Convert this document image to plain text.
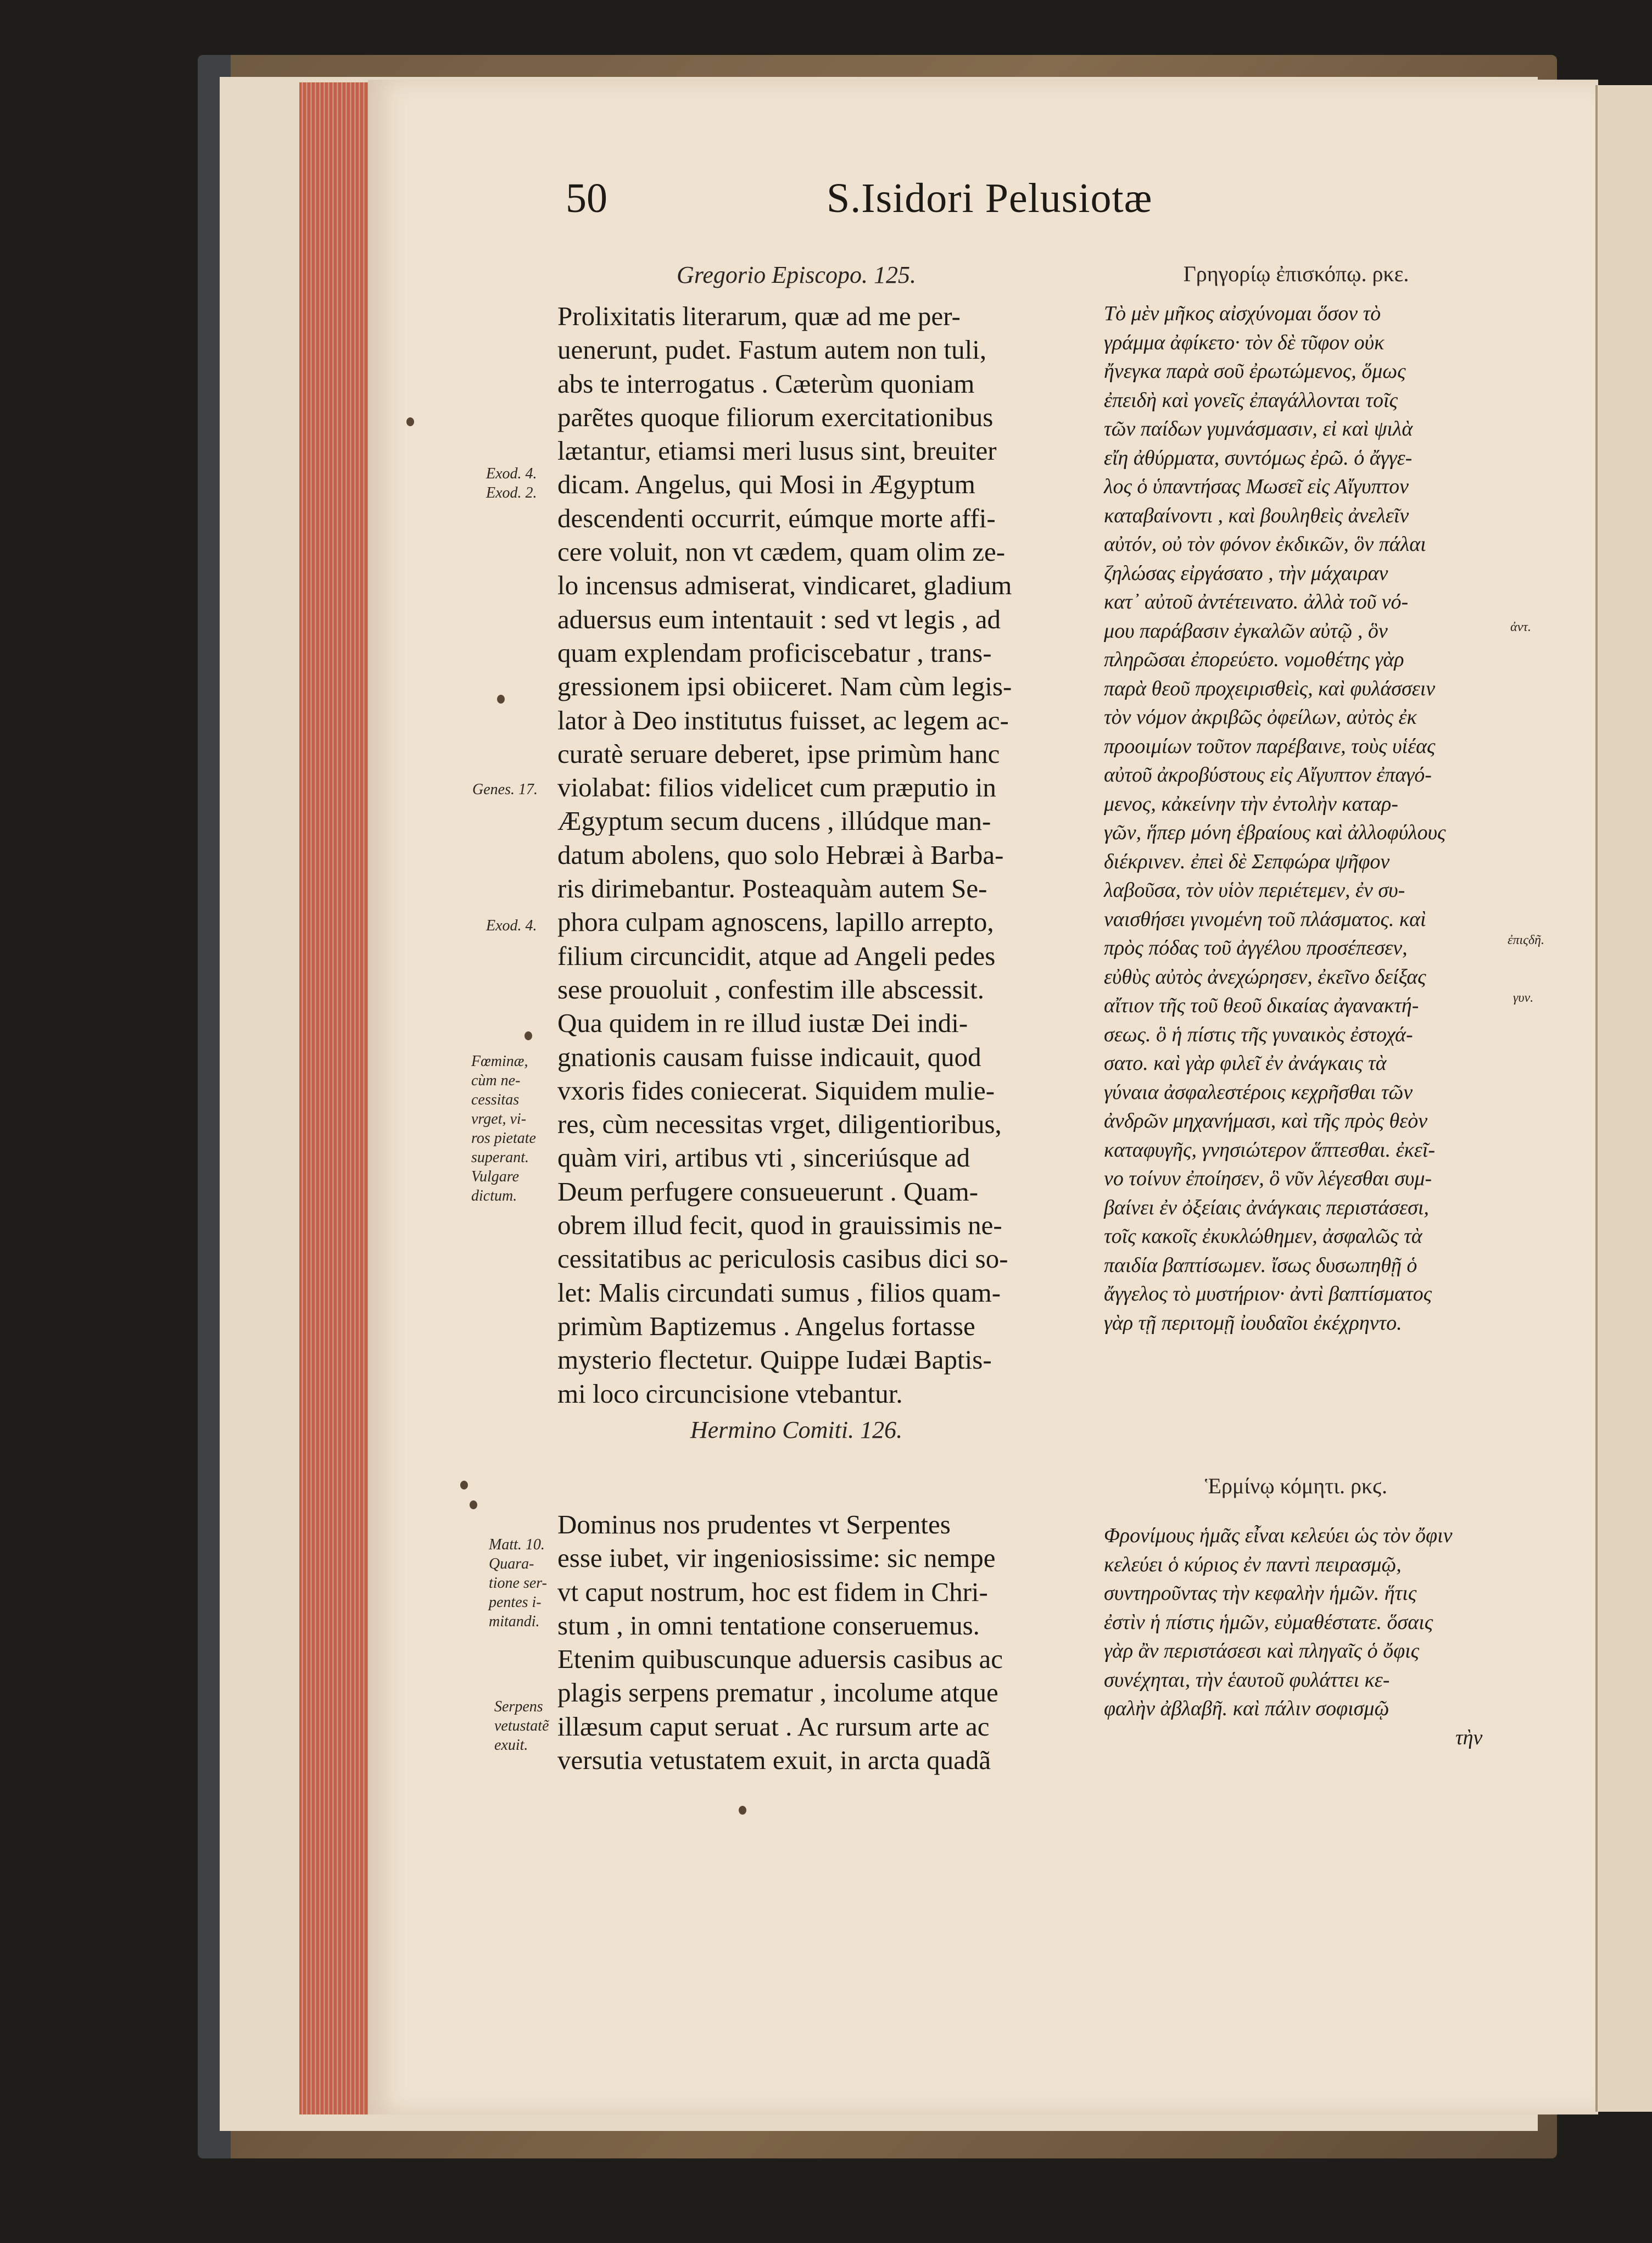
50	S.Isidori Pelusiotæ
Gregorio Episcopo. 125.	Γρηγορίῳ ἐπισκόπῳ. ρκε.
Prolixitatis literarum, quæ ad me per-
uenerunt, pudet. Fastum autem non tuli,
abs te interrogatus . Cæterùm quoniam
parẽtes quoque filiorum exercitationibus
lætantur, etiamsi meri lusus sint, breuiter
dicam. Angelus, qui Mosi in Ægyptum
descendenti occurrit, eúmque morte affi-
cere voluit, non vt cædem, quam olim ze-
lo incensus admiserat, vindicaret, gladium
aduersus eum intentauit : sed vt legis , ad
quam explendam proficiscebatur , trans-
gressionem ipsi obiiceret. Nam cùm legis-
lator à Deo institutus fuisset, ac legem ac-
curatè seruare deberet, ipse primùm hanc
violabat: filios videlicet cum præputio in
Ægyptum secum ducens , illúdque man-
datum abolens, quo solo Hebræi à Barba-
ris dirimebantur. Posteaquàm autem Se-
phora culpam agnoscens, lapillo arrepto,
filium circuncidit, atque ad Angeli pedes
sese prouoluit , confestim ille abscessit.
Qua quidem in re illud iustæ Dei indi-
gnationis causam fuisse indicauit, quod
vxoris fides coniecerat. Siquidem mulie-
res, cùm necessitas vrget, diligentioribus,
quàm viri, artibus vti , sinceriúsque ad
Deum perfugere consueuerunt . Quam-
obrem illud fecit, quod in grauissimis ne-
cessitatibus ac periculosis casibus dici so-
let: Malis circundati sumus , filios quam-
primùm Baptizemus . Angelus fortasse
mysterio flectetur. Quippe Iudæi Baptis-
mi loco circuncisione vtebantur.
Τὸ μὲν μῆκος αἰσχύνομαι ὅσον τὸ
γράμμα ἀφίκετο· τὸν δὲ τῦφον οὐκ
ἤνεγκα παρὰ σοῦ ἐρωτώμενος, ὅμως
ἐπειδὴ καὶ γονεῖς ἐπαγάλλονται τοῖς
τῶν παίδων γυμνάσμασιν, εἰ καὶ ψιλὰ
εἴη ἀθύρματα, συντόμως ἐρῶ. ὁ ἄγγε-
λος ὁ ὑπαντήσας Μωσεῖ εἰς Αἴγυπτον
καταβαίνοντι , καὶ βουληθεὶς ἀνελεῖν
αὐτόν, οὐ τὸν φόνον ἐκδικῶν, ὃν πάλαι
ζηλώσας εἰργάσατο , τὴν μάχαιραν
κατ᾽ αὐτοῦ ἀντέτεινατο. ἀλλὰ τοῦ νό-
μου παράβασιν ἐγκαλῶν αὐτῷ , ὃν
πληρῶσαι ἐπορεύετο. νομοθέτης γὰρ
παρὰ θεοῦ προχειρισθεὶς, καὶ φυλάσσειν
τὸν νόμον ἀκριβῶς ὀφείλων, αὐτὸς ἐκ
προοιμίων τοῦτον παρέβαινε, τοὺς υἱέας
αὐτοῦ ἀκροβύστους εἰς Αἴγυπτον ἐπαγό-
μενος, κἀκείνην τὴν ἐντολὴν καταρ-
γῶν, ἥπερ μόνη ἑβραίους καὶ ἀλλοφύλους
διέκρινεν. ἐπεὶ δὲ Σεπφώρα ψῆφον
λαβοῦσα, τὸν υἱὸν περιέτεμεν, ἐν συ-
ναισθήσει γινομένη τοῦ πλάσματος. καὶ
πρὸς πόδας τοῦ ἀγγέλου προσέπεσεν,
εὐθὺς αὐτὸς ἀνεχώρησεν, ἐκεῖνο δείξας
αἴτιον τῆς τοῦ θεοῦ δικαίας ἀγανακτή-
σεως. ὃ ἡ πίστις τῆς γυναικὸς ἐστοχά-
σατο. καὶ γὰρ φιλεῖ ἐν ἀνάγκαις τὰ
γύναια ἀσφαλεστέροις κεχρῆσθαι τῶν
ἀνδρῶν μηχανήμασι, καὶ τῆς πρὸς θεὸν
καταφυγῆς, γνησιώτερον ἅπτεσθαι. ἐκεῖ-
νο τοίνυν ἐποίησεν, ὃ νῦν λέγεσθαι συμ-
βαίνει ἐν ὀξείαις ἀνάγκαις περιστάσεσι,
τοῖς κακοῖς ἐκυκλώθημεν, ἀσφαλῶς τὰ
παιδία βαπτίσωμεν. ἴσως δυσωπηθῇ ὁ
ἄγγελος τὸ μυστήριον· ἀντὶ βαπτίσματος
γὰρ τῇ περιτομῇ ἰουδαῖοι ἐκέχρηντο.
Hermino Comiti. 126.
Ἑρμίνῳ κόμητι. ρκϛ.
Dominus nos prudentes vt Serpentes
esse iubet, vir ingeniosissime: sic nempe
vt caput nostrum, hoc est fidem in Chri-
stum , in omni tentatione conseruemus.
Etenim quibuscunque aduersis casibus ac
plagis serpens prematur , incolume atque
illæsum caput seruat . Ac rursum arte ac
versutia vetustatem exuit, in arcta quadã
Φρονίμους ἡμᾶς εἶναι κελεύει ὡς τὸν ὄφιν
κελεύει ὁ κύριος ἐν παντὶ πειρασμῷ,
συντηροῦντας τὴν κεφαλὴν ἡμῶν. ἥτις
ἐστὶν ἡ πίστις ἡμῶν, εὐμαθέστατε. ὅσαις
γὰρ ἂν περιστάσεσι καὶ πληγαῖς ὁ ὄφις
συνέχηται, τὴν ἑαυτοῦ φυλάττει κε-
φαλὴν ἀβλαβῆ. καὶ πάλιν σοφισμῷ
τὴν
Exod. 4.
Exod. 2.
Genes. 17.
Exod. 4.
Fœminæ,
cùm ne-
cessitas
vrget, vi-
ros pietate
superant.
Vulgare
dictum.
Matt. 10.
Quara-
tione ser-
pentes i-
mitandi.
Serpens
vetustatẽ
exuit.
ἀντ.
ἐπιςδῆ.
γυν.
